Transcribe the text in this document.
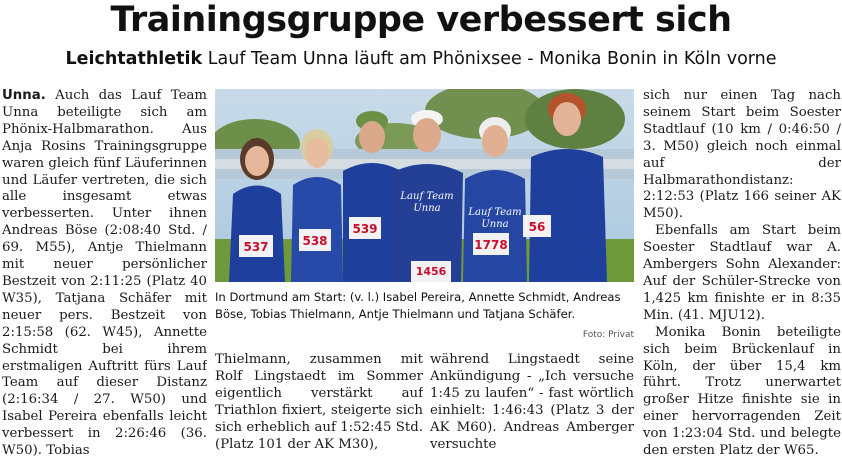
Trainingsgruppe verbessert sich
Leichtathletik Lauf Team Unna läuft am Phönixsee - Monika Bonin in Köln vorne

Unna. Auch das Lauf Team Unna beteiligte sich am Phönix-Halbmarathon. Aus Anja Rosins Trainingsgruppe waren gleich fünf Läuferinnen und Läufer vertreten, die sich alle insgesamt etwas verbesserten. Unter ihnen Andreas Böse (2:08:40 Std. / 69. M55), Antje Thielmann mit neuer persönlicher Bestzeit von 2:11:25 (Platz 40 W35), Tatjana Schäfer mit neuer pers. Bestzeit von 2:15:58 (62. W45), Annette Schmidt bei ihrem erstmaligen Auftritt fürs Lauf Team auf dieser Distanz (2:16:34 / 27. W50) und Isabel Pereira ebenfalls leicht verbessert in 2:26:46 (36. W50). Tobias

537	538
539
Lauf Team
Unna
1456
Lauf Team
Unna
1778
56
In Dortmund am Start: (v. l.) Isabel Pereira, Annette Schmidt, Andreas Böse, Tobias Thielmann, Antje Thielmann und Tatjana Schäfer.
Foto: Privat

Thielmann, zusammen mit Rolf Lingstaedt im Sommer eigentlich verstärkt auf Triathlon fixiert, steigerte sich sich erheblich auf 1:52:45 Std. (Platz 101 der AK M30),

während Lingstaedt seine Ankündigung - „Ich versuche 1:45 zu laufen“ - fast wörtlich einhielt: 1:46:43 (Platz 3 der AK M60). Andreas Amberger versuchte

sich nur einen Tag nach seinem Start beim Soester Stadtlauf (10 km / 0:46:50 / 3. M50) gleich noch einmal auf der Halbmarathondistanz: 2:12:53 (Platz 166 seiner AK M50).

Ebenfalls am Start beim Soester Stadtlauf war A. Ambergers Sohn Alexander: Auf der Schüler-Strecke von 1,425 km finishte er in 8:35 Min. (41. MJU12).

Monika Bonin beteiligte sich beim Brückenlauf in Köln, der über 15,4 km führt. Trotz unerwartet großer Hitze finishte sie in einer hervorragenden Zeit von 1:23:04 Std. und belegte den ersten Platz der W65.
